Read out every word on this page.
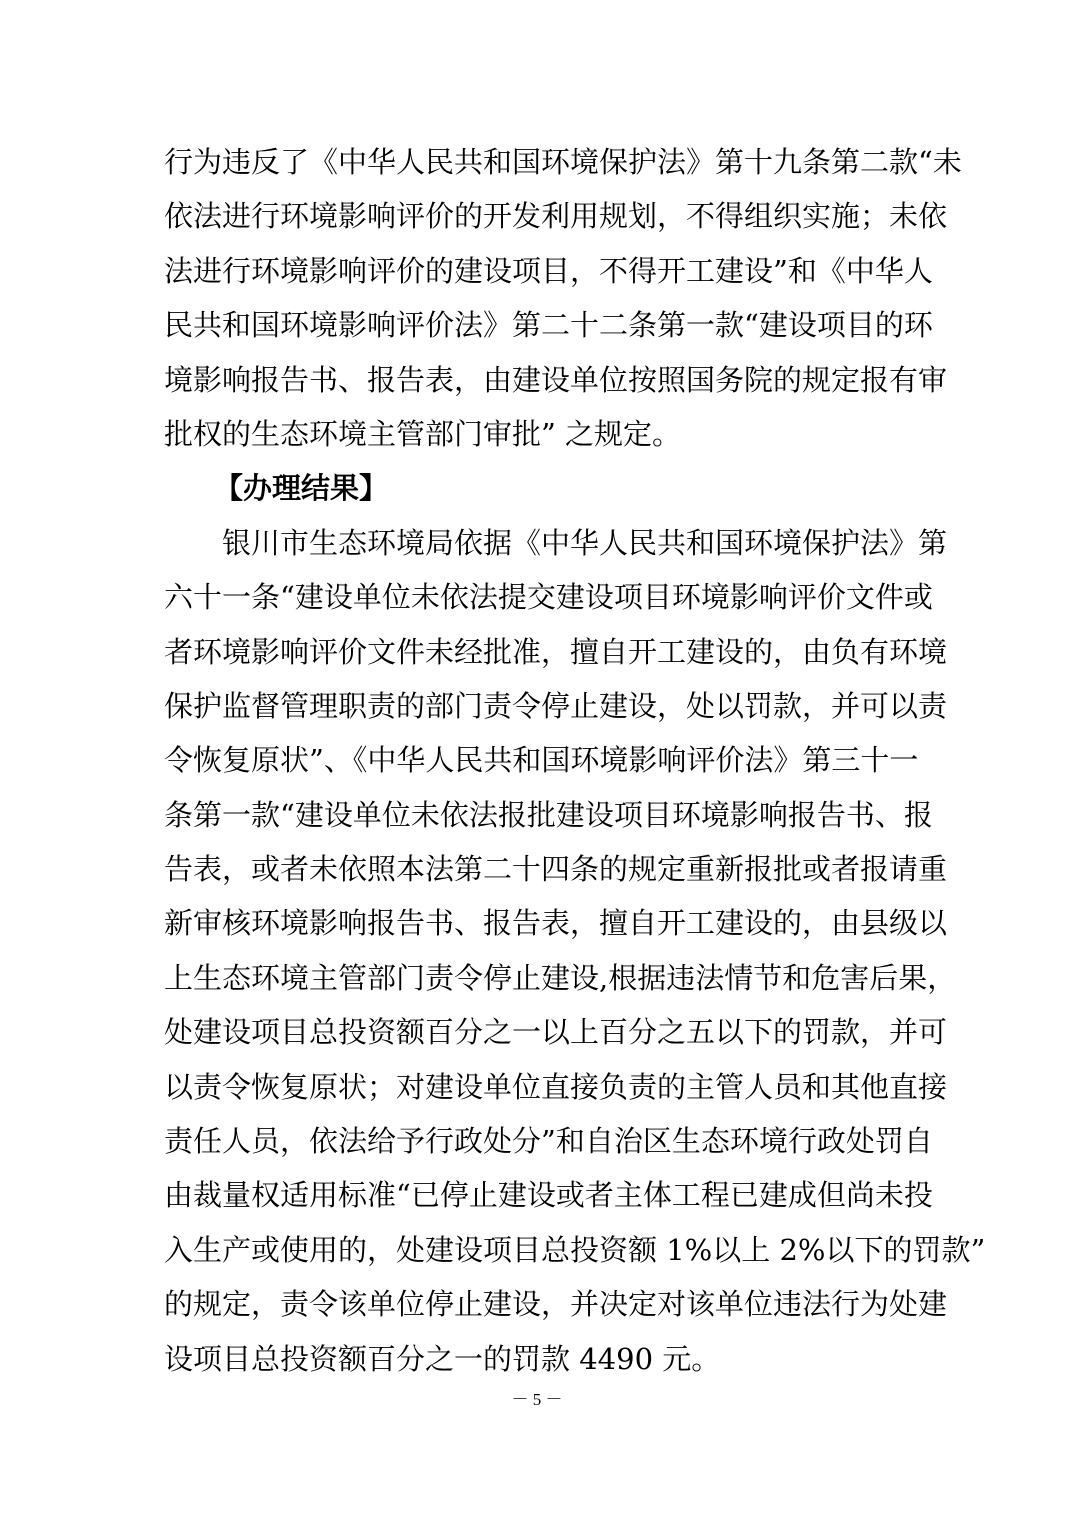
行为违反了《中华人民共和国环境保护法》第十九条第二款“未
依法进行环境影响评价的开发利用规划，不得组织实施；未依
法进行环境影响评价的建设项目，不得开工建设”和《中华人
民共和国环境影响评价法》第二十二条第一款“建设项目的环
境影响报告书、报告表，由建设单位按照国务院的规定报有审
批权的生态环境主管部门审批” 之规定。
【办理结果】
银川市生态环境局依据《中华人民共和国环境保护法》第
六十一条“建设单位未依法提交建设项目环境影响评价文件或
者环境影响评价文件未经批准，擅自开工建设的，由负有环境
保护监督管理职责的部门责令停止建设，处以罚款，并可以责
令恢复原状”、《中华人民共和国环境影响评价法》第三十一
条第一款“建设单位未依法报批建设项目环境影响报告书、报
告表，或者未依照本法第二十四条的规定重新报批或者报请重
新审核环境影响报告书、报告表，擅自开工建设的，由县级以
上生态环境主管部门责令停止建设,根据违法情节和危害后果，
处建设项目总投资额百分之一以上百分之五以下的罚款，并可
以责令恢复原状；对建设单位直接负责的主管人员和其他直接
责任人员，依法给予行政处分”和自治区生态环境行政处罚自
由裁量权适用标准“已停止建设或者主体工程已建成但尚未投
入生产或使用的，处建设项目总投资额 1%以上 2%以下的罚款”
的规定，责令该单位停止建设，并决定对该单位违法行为处建
设项目总投资额百分之一的罚款 4490 元。
－ 5 －
